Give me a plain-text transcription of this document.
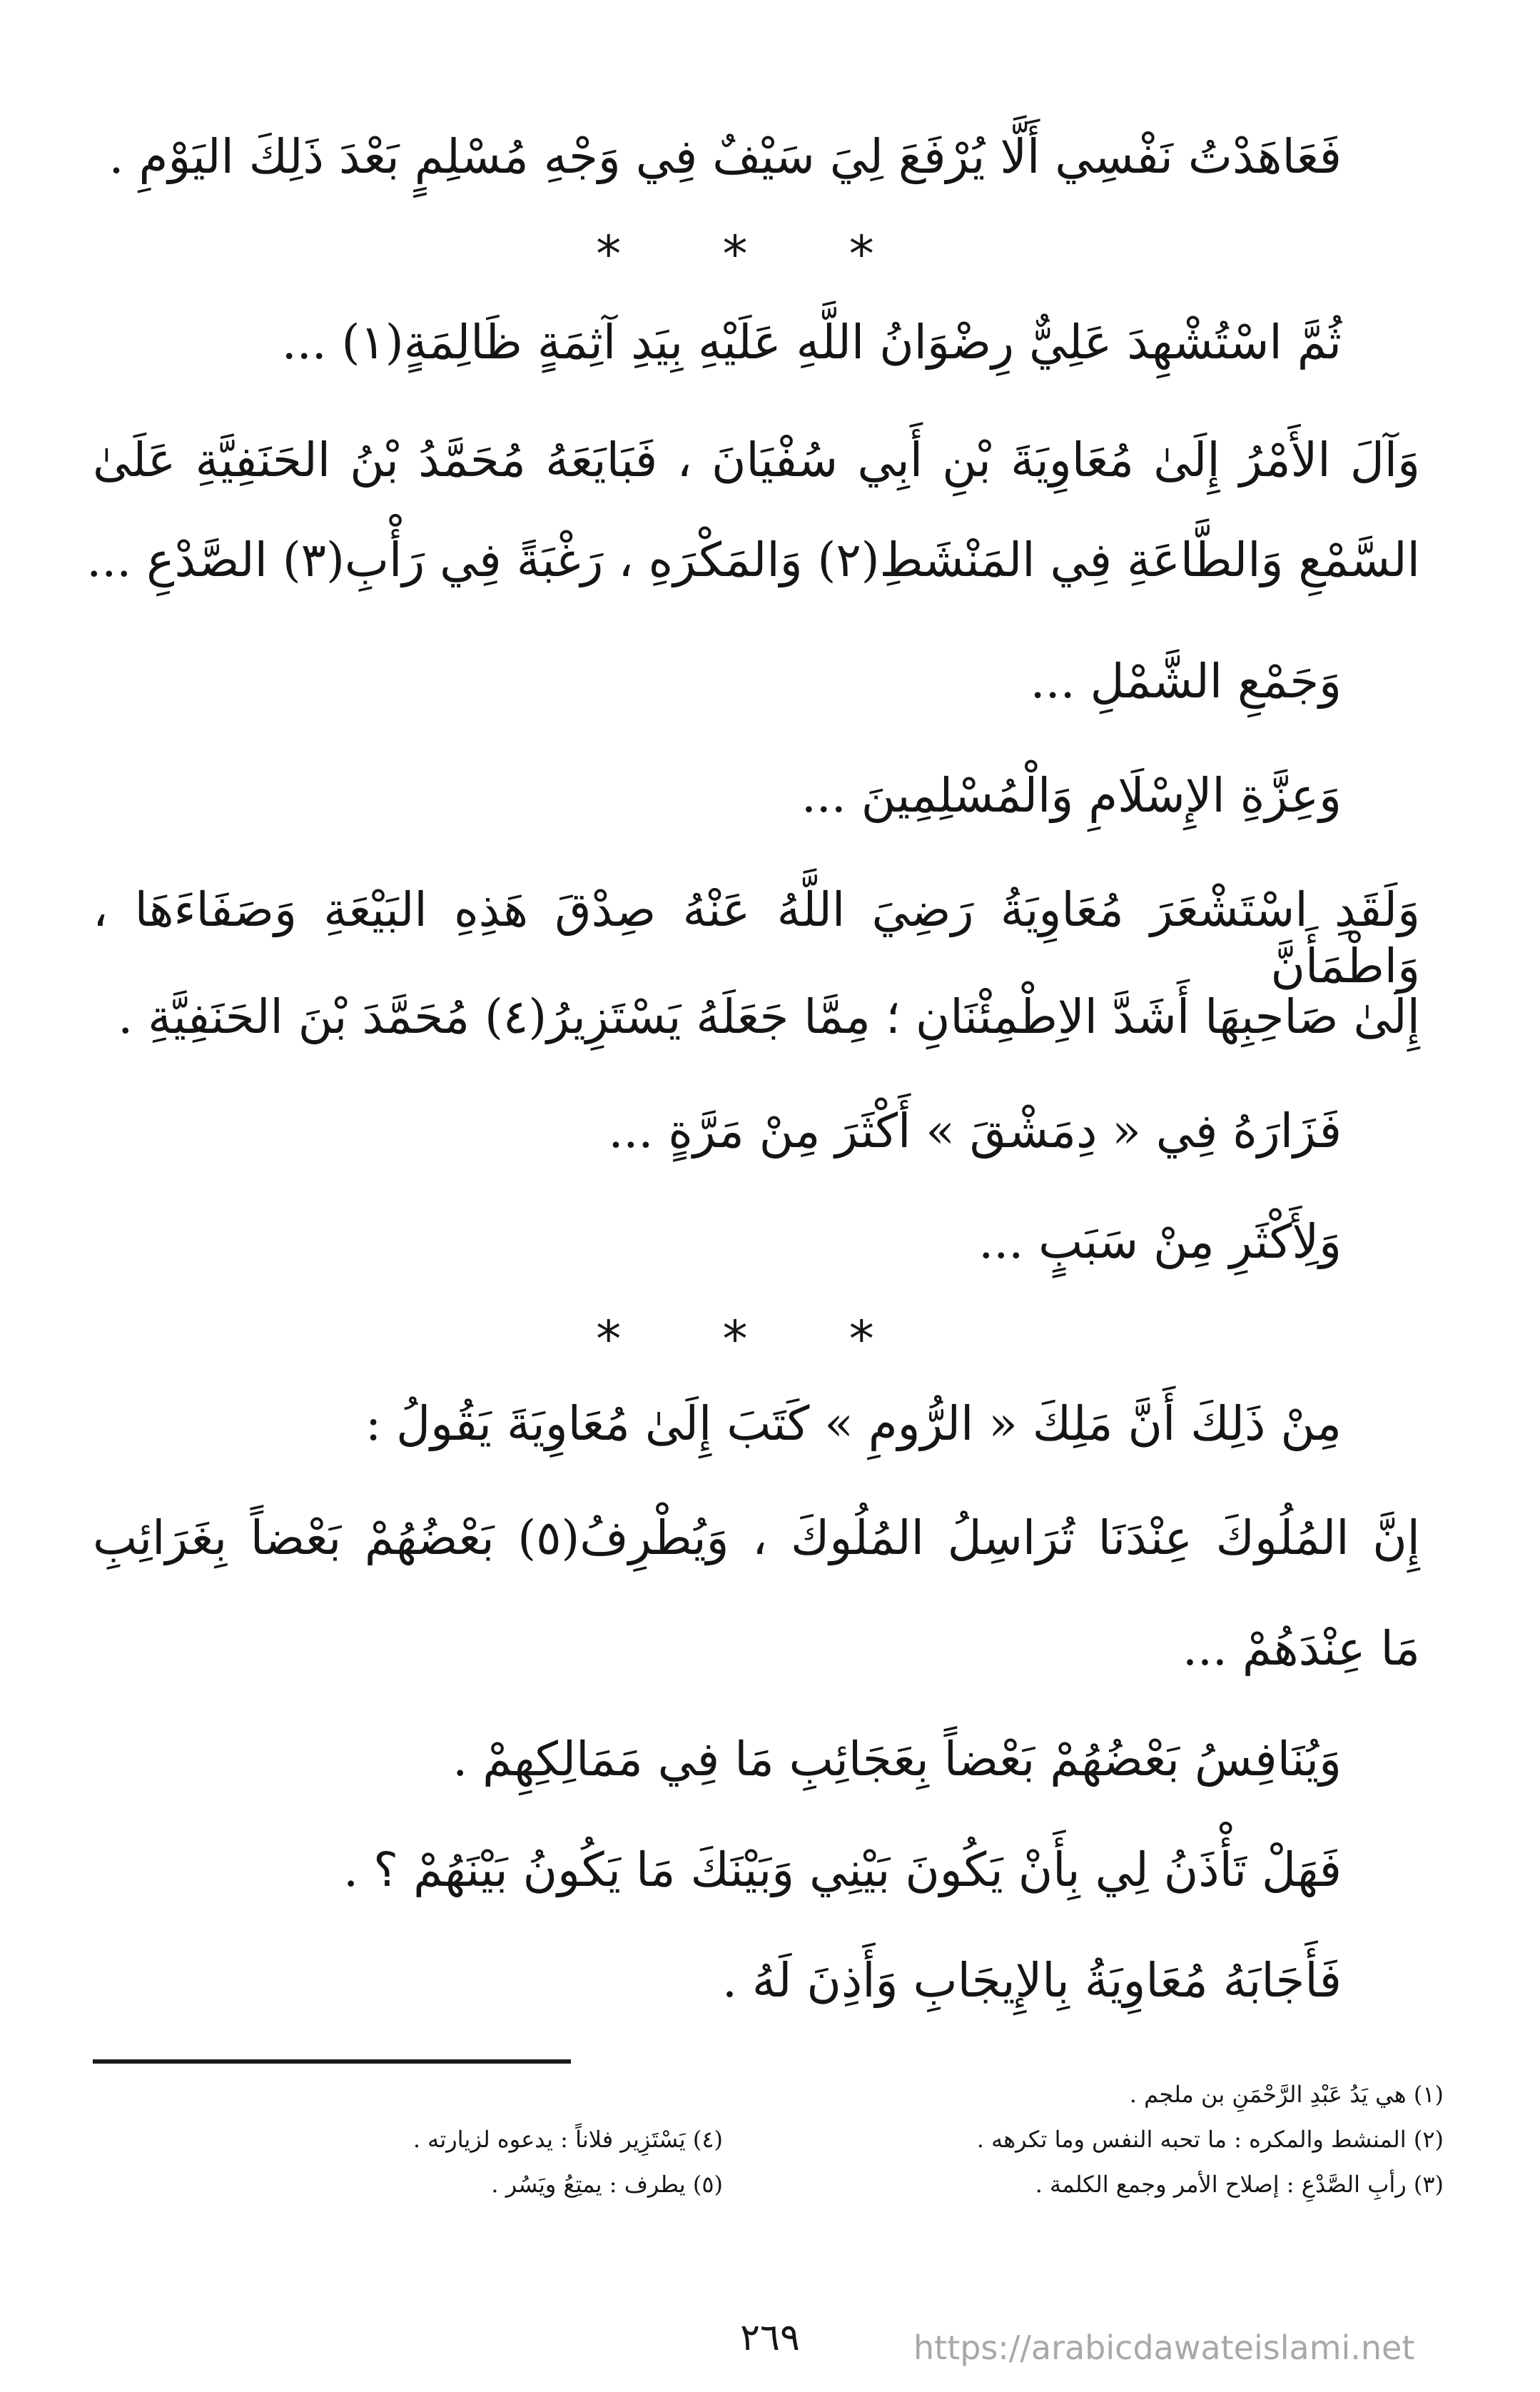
فَعَاهَدْتُ نَفْسِي أَلَّا يُرْفَعَ لِيَ سَيْفٌ فِي وَجْهِ مُسْلِمٍ بَعْدَ ذَلِكَ اليَوْمِ .
* * *
ثُمَّ اسْتُشْهِدَ عَلِيٌّ رِضْوَانُ اللَّهِ عَلَيْهِ بِيَدِ آثِمَةٍ ظَالِمَةٍ(١) ...
وَآلَ الأَمْرُ إِلَىٰ مُعَاوِيَةَ بْنِ أَبِي سُفْيَانَ ، فَبَايَعَهُ مُحَمَّدُ بْنُ الحَنَفِيَّةِ عَلَىٰ
السَّمْعِ وَالطَّاعَةِ فِي المَنْشَطِ(٢) وَالمَكْرَهِ ، رَغْبَةً فِي رَأْبِ(٣) الصَّدْعِ ...
وَجَمْعِ الشَّمْلِ ...
وَعِزَّةِ الإِسْلَامِ وَالْمُسْلِمِينَ ...
وَلَقَدِ اسْتَشْعَرَ مُعَاوِيَةُ رَضِيَ اللَّهُ عَنْهُ صِدْقَ هَذِهِ البَيْعَةِ وَصَفَاءَهَا ، وَاطْمَأَنَّ
إِلَىٰ صَاحِبِهَا أَشَدَّ الاِطْمِئْنَانِ ؛ مِمَّا جَعَلَهُ يَسْتَزِيرُ(٤) مُحَمَّدَ بْنَ الحَنَفِيَّةِ .
فَزَارَهُ فِي « دِمَشْقَ » أَكْثَرَ مِنْ مَرَّةٍ ...
وَلِأَكْثَرِ مِنْ سَبَبٍ ...
* * *
مِنْ ذَلِكَ أَنَّ مَلِكَ « الرُّومِ » كَتَبَ إِلَىٰ مُعَاوِيَةَ يَقُولُ :
إِنَّ المُلُوكَ عِنْدَنَا تُرَاسِلُ المُلُوكَ ، وَيُطْرِفُ(٥) بَعْضُهُمْ بَعْضاً بِغَرَائِبِ
مَا عِنْدَهُمْ ...
وَيُنَافِسُ بَعْضُهُمْ بَعْضاً بِعَجَائِبِ مَا فِي مَمَالِكِهِمْ .
فَهَلْ تَأْذَنُ لِي بِأَنْ يَكُونَ بَيْنِي وَبَيْنَكَ مَا يَكُونُ بَيْنَهُمْ ؟ .
فَأَجَابَهُ مُعَاوِيَةُ بِالإِيجَابِ وَأَذِنَ لَهُ .
(١) هي يَدُ عَبْدِ الرَّحْمَنِ بن ملجم .
(٢) المنشط والمكره : ما تحبه النفس وما تكرهه .
(٣) رأبِ الصَّدْعِ : إصلاح الأمر وجمع الكلمة .
(٤) يَسْتَزِير فلاناً : يدعوه لزيارته .
(٥) يطرف : يمتِعُ ويَسُر .
٢٦٩	https://arabicdawateislami.net
